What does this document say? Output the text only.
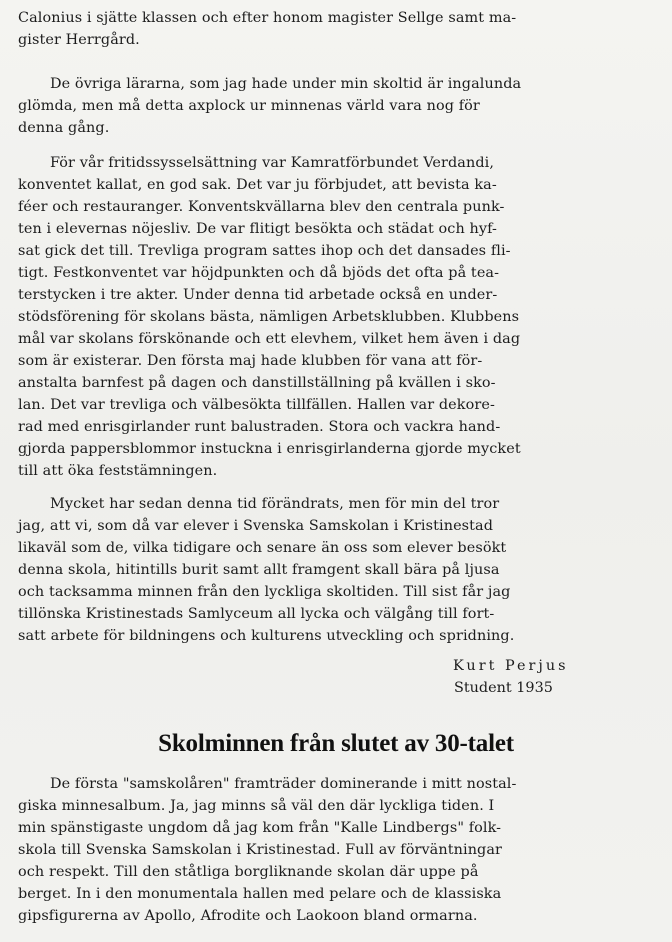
Calonius i sjätte klassen och efter honom magister Sellge samt ma-
gister Herrgård.
De övriga lärarna, som jag hade under min skoltid är ingalunda
glömda, men må detta axplock ur minnenas värld vara nog för
denna gång.
För vår fritidssysselsättning var Kamratförbundet Verdandi,
konventet kallat, en god sak. Det var ju förbjudet, att bevista ka-
féer och restauranger. Konventskvällarna blev den centrala punk-
ten i elevernas nöjesliv. De var flitigt besökta och städat och hyf-
sat gick det till. Trevliga program sattes ihop och det dansades fli-
tigt. Festkonventet var höjdpunkten och då bjöds det ofta på tea-
terstycken i tre akter. Under denna tid arbetade också en under-
stödsförening för skolans bästa, nämligen Arbetsklubben. Klubbens
mål var skolans förskönande och ett elevhem, vilket hem även i dag
som är existerar. Den första maj hade klubben för vana att för-
anstalta barnfest på dagen och danstillställning på kvällen i sko-
lan. Det var trevliga och välbesökta tillfällen. Hallen var dekore-
rad med enrisgirlander runt balustraden. Stora och vackra hand-
gjorda pappersblommor instuckna i enrisgirlanderna gjorde mycket
till att öka feststämningen.
Mycket har sedan denna tid förändrats, men för min del tror
jag, att vi, som då var elever i Svenska Samskolan i Kristinestad
likaväl som de, vilka tidigare och senare än oss som elever besökt
denna skola, hitintills burit samt allt framgent skall bära på ljusa
och tacksamma minnen från den lyckliga skoltiden. Till sist får jag
tillönska Kristinestads Samlyceum all lycka och välgång till fort-
satt arbete för bildningens och kulturens utveckling och spridning.
Kurt Perjus
Student 1935
Skolminnen från slutet av 30-talet
De första "samskolåren" framträder dominerande i mitt nostal-
giska minnesalbum. Ja, jag minns så väl den där lyckliga tiden. I
min spänstigaste ungdom då jag kom från "Kalle Lindbergs" folk-
skola till Svenska Samskolan i Kristinestad. Full av förväntningar
och respekt. Till den ståtliga borgliknande skolan där uppe på
berget. In i den monumentala hallen med pelare och de klassiska
gipsfigurerna av Apollo, Afrodite och Laokoon bland ormarna.
